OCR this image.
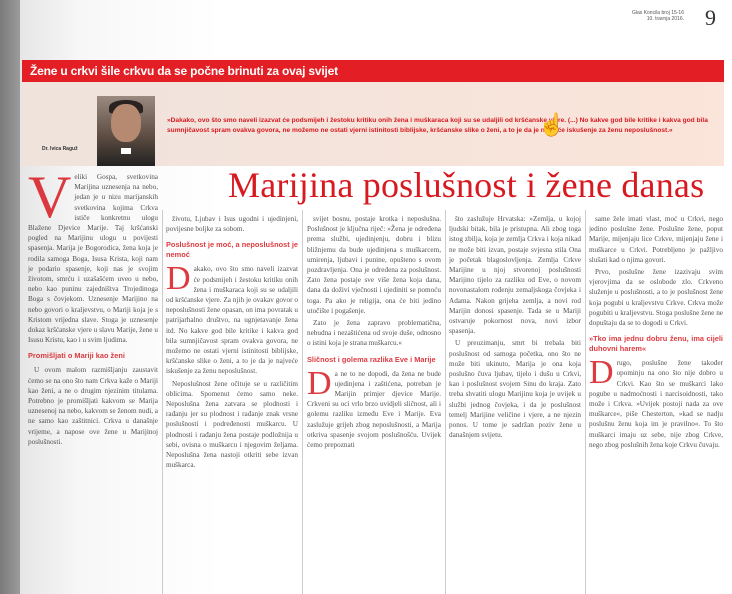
Glas Koncila broj 15-16
10. travnja 2016. 9
Žene u crkvi šile crkvu da se počne brinuti za ovaj svijet
Dr. Ivica Raguž
»Dakako, ovo što smo naveli izazvat će podsmijeh i žestoku kritiku onih žena i muškaraca koji su se udaljili od kršćanske vjere. (...) No kakve god bile kritike i kakva god bila sumnjičavost spram ovakva govora, ne možemo ne ostati vjerni istinitosti biblijske, kršćanske slike o ženi, a to je da je najveće iskušenje za ženu neposlušnost.«
Marijina poslušnost i žene danas

Veliki Gospa, svetkovina Marijina uznesenja na nebo, jedan je u nizu marijanskih svetkovina kojima Crkva ističe konkretnu ulogu Blažene Djevice Marije. Taj kršćanski pogled na Marijinu ulogu u povijesti spasenja. Marija je Bogorodica, žena koja je rodila samoga Boga, Isusa Krista, koji nam je podario spasenje, koji nas je svojim životom, smrću i uzašašćem uveo u nebo, nebo kao puninu zajedništva Trojedinoga Boga s čovjekom. Uznesenje Marijino na nebo govori o kraljevstvu, o Mariji koja je s Kristom vrijedna slave. Stoga je uznesenje dokaz kršćanske vjere u slavu Marije, žene u Isusu Kristu, kao i u svim ljudima.

Promišljati o Mariji kao ženi

U ovom malom razmišljanju zaustavit ćemo se na ono što nam Crkva kaže o Mariji kao ženi, a ne o drugim njezinim titulama. Potrebno je promišljati kakvom se Marija uznesenoj na nebo, kakvom se ženom nudi, a ne samo kao zaštitnici. Crkva u današnje vrijeme, a napose ove žene u Marijinoj poslušnosti.

životu, Ljubav i Isus ugodni i ujedinjeni, povijesne boljke za sobom.

Poslušnost je moć, a neposlušnost je nemoć

Dakako, ovo što smo naveli izazvat će podsmijeh i žestoku kritiku onih žena i muškaraca koji su se udaljili od kršćanske vjere. Za njih je ovakav govor o neposlušnosti žene opasan, on ima povratak u patrijarhalno društvo, na ugnjetavanje žena itd. No kakve god bile kritike i kakva god bila sumnjičavost spram ovakva govora, ne možemo ne ostati vjerni istinitosti biblijske, kršćanske slike o ženi, a to je da je najveće iskušenje za ženu neposlušnost.

Neposlušnost žene očituje se u različitim oblicima. Spomenut ćemo samo neke. Neposlušna žena zatvara se plodnosti i rađanju jer su plodnost i rađanje znak vrsne poslušnosti i podređenosti muškarcu. U plodnosti i rađanju žena postaje podložnija u sebi, ovisna o muškarcu i njegovim željama. Neposlušna žena nastoji otkriti sebe izvan muškarca.

svijet bosnu, postaje krotka i neposlušna. Poslušnost je ključna riječ: »Žena je određena prema službi, ujedinjenju, dobru i blizu bližnjemu da bude ujedinjena s muškarcem, umirenja, ljubavi i punine, opušteno s ovom pozdravljenja. Ona je određena za poslušnost. Zato žena postaje sve više žena koja dana, dana da doživi vječnosti i ujediniti se pomoću toga. Pa ako je religija, ona će biti jedino utočište i pogašenje.

Zato je žena zapravo problematična, nebudna i nezaštićena od svoje duše, odnosno o istini koja je strana muškarcu.«

Sličnost i golema razlika Eve i Marije

Da ne to ne dopodi, da žena ne bude ujedinjena i zaštićena, potreban je Marijin primjer djevice Marije. Crkveni su oci vrlo brzo uvidjeli sličnost, ali i golemu razliku između Eve i Marije. Eva zaslužuje grijeh zbog neposlušnosti, a Marija otkriva spasenje svojom poslušnošću. Uvijek ćemo prepoznati

što zaslužuje Hrvatska: »Zemlja, u kojoj ljudski bitak, bila je pristupna. Ali zbog toga istog zbilja, koja je zemlja Crkva i koja nikad ne može biti izvan, postaje svjesna stila Ona je početak blagoslovljenja. Zemlja Crkve Marijine u njoj stvorenoj poslušnosti Marijino tijelo za razliku od Eve, o novom novonastalom rođenju zemaljskoga čovjeka i Adama. Nakon grijeha zemlja, a novi rod Marijin donosi spasenje. Tada se u Mariji ostvaruje pokornost nova, novi izbor spasenja.

U preuzimanju, smrt bi trebala biti poslušnost od samoga početka, ono što ne može biti ukinuto, Marija je ona koja poslušno čuva ljubav, tijelo i dušu u Crkvi, kao i poslušnost svojem Sinu do kraja. Zato treba shvatiti ulogu Marijinu koja je uvijek u službi jednog čovjeka, i da je poslušnost temelj Marijine veličine i vjere, a ne njezin ponos. U tome je sadržan poziv žene u današnjem svijetu.

same žele imati vlast, moć u Crkvi, nego jedino poslušne žene. Poslušne žene, poput Marije, mijenjaju lice Crkve, mijenjaju žene i muškarce u Crkvi. Potrebljeno je pažljivo slušati kad o njima govori.

Prvo, poslušne žene izazivaju svim vjerovjima da se oslobode zlo. Crkveno služenje u poslušnosti, a to je poslušnost žene koja pogubi u kraljevstvu Crkve. Crkva može pogubiti u kraljevstvu. Stoga poslušne žene ne dopuštaju da se to dogodi u Crkvi.

»Tko ima jednu dobru ženu, ima cijeli duhovni harem«

Drugo, poslušne žene također opominju na ono što nije dobro u Crkvi. Kao što se muškarci lako pogube u nadmoćnosti i narcisoidnosti, tako može i Crkva. »Uvijek postoji nada za ove muškarce«, piše Chesterton, »kad se nadju poslušnu ženu koja im je pravilno«. To što muškarci imaju uz sebe, nije zbog Crkve, nego zbog poslušnih žena koje Crkvu čuvaju.

☝
